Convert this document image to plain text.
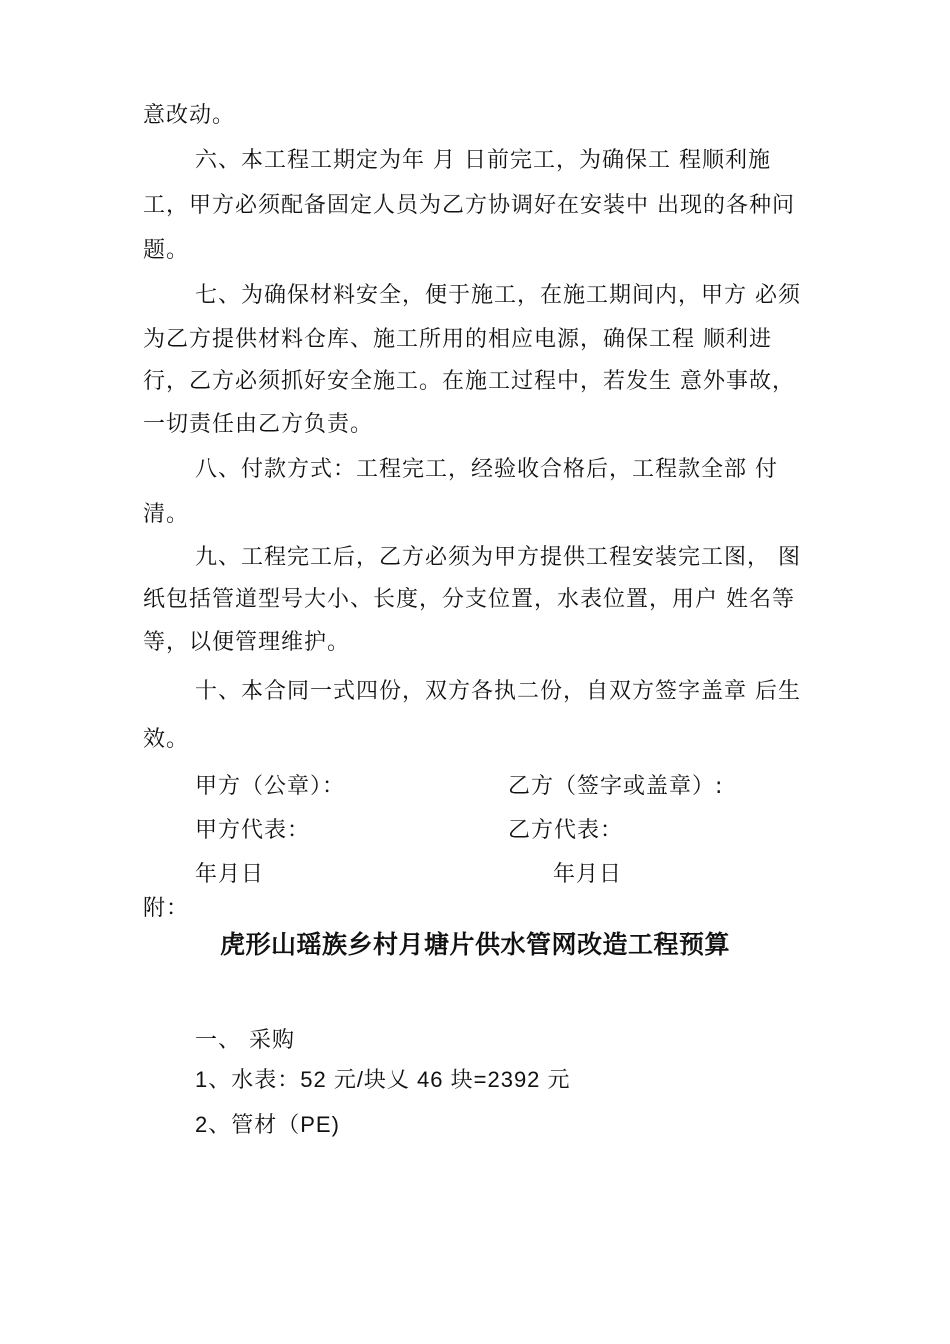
意改动。
六、本工程工期定为年 月 日前完工，为确保工 程顺利施
工，甲方必须配备固定人员为乙方协调好在安装中 出现的各种问
题。
七、为确保材料安全，便于施工，在施工期间内，甲方 必须
为乙方提供材料仓库、施工所用的相应电源，确保工程 顺利进
行，乙方必须抓好安全施工。在施工过程中，若发生 意外事故，
一切责任由乙方负责。
八、付款方式：工程完工，经验收合格后，工程款全部 付
清。
九、工程完工后，乙方必须为甲方提供工程安装完工图， 图
纸包括管道型号大小、长度，分支位置，水表位置，用户 姓名等
等，以便管理维护。
十、本合同一式四份，双方各执二份，自双方签字盖章 后生
效。
甲方（公章）：	乙方（签字或盖章）:
甲方代表：	乙方代表：
年月日	年月日
附：
虎形山瑶族乡村月塘片供水管网改造工程预算
一、 采购
1、水表：52 元/块乂 46 块=2392 元
2、管材（PE)
